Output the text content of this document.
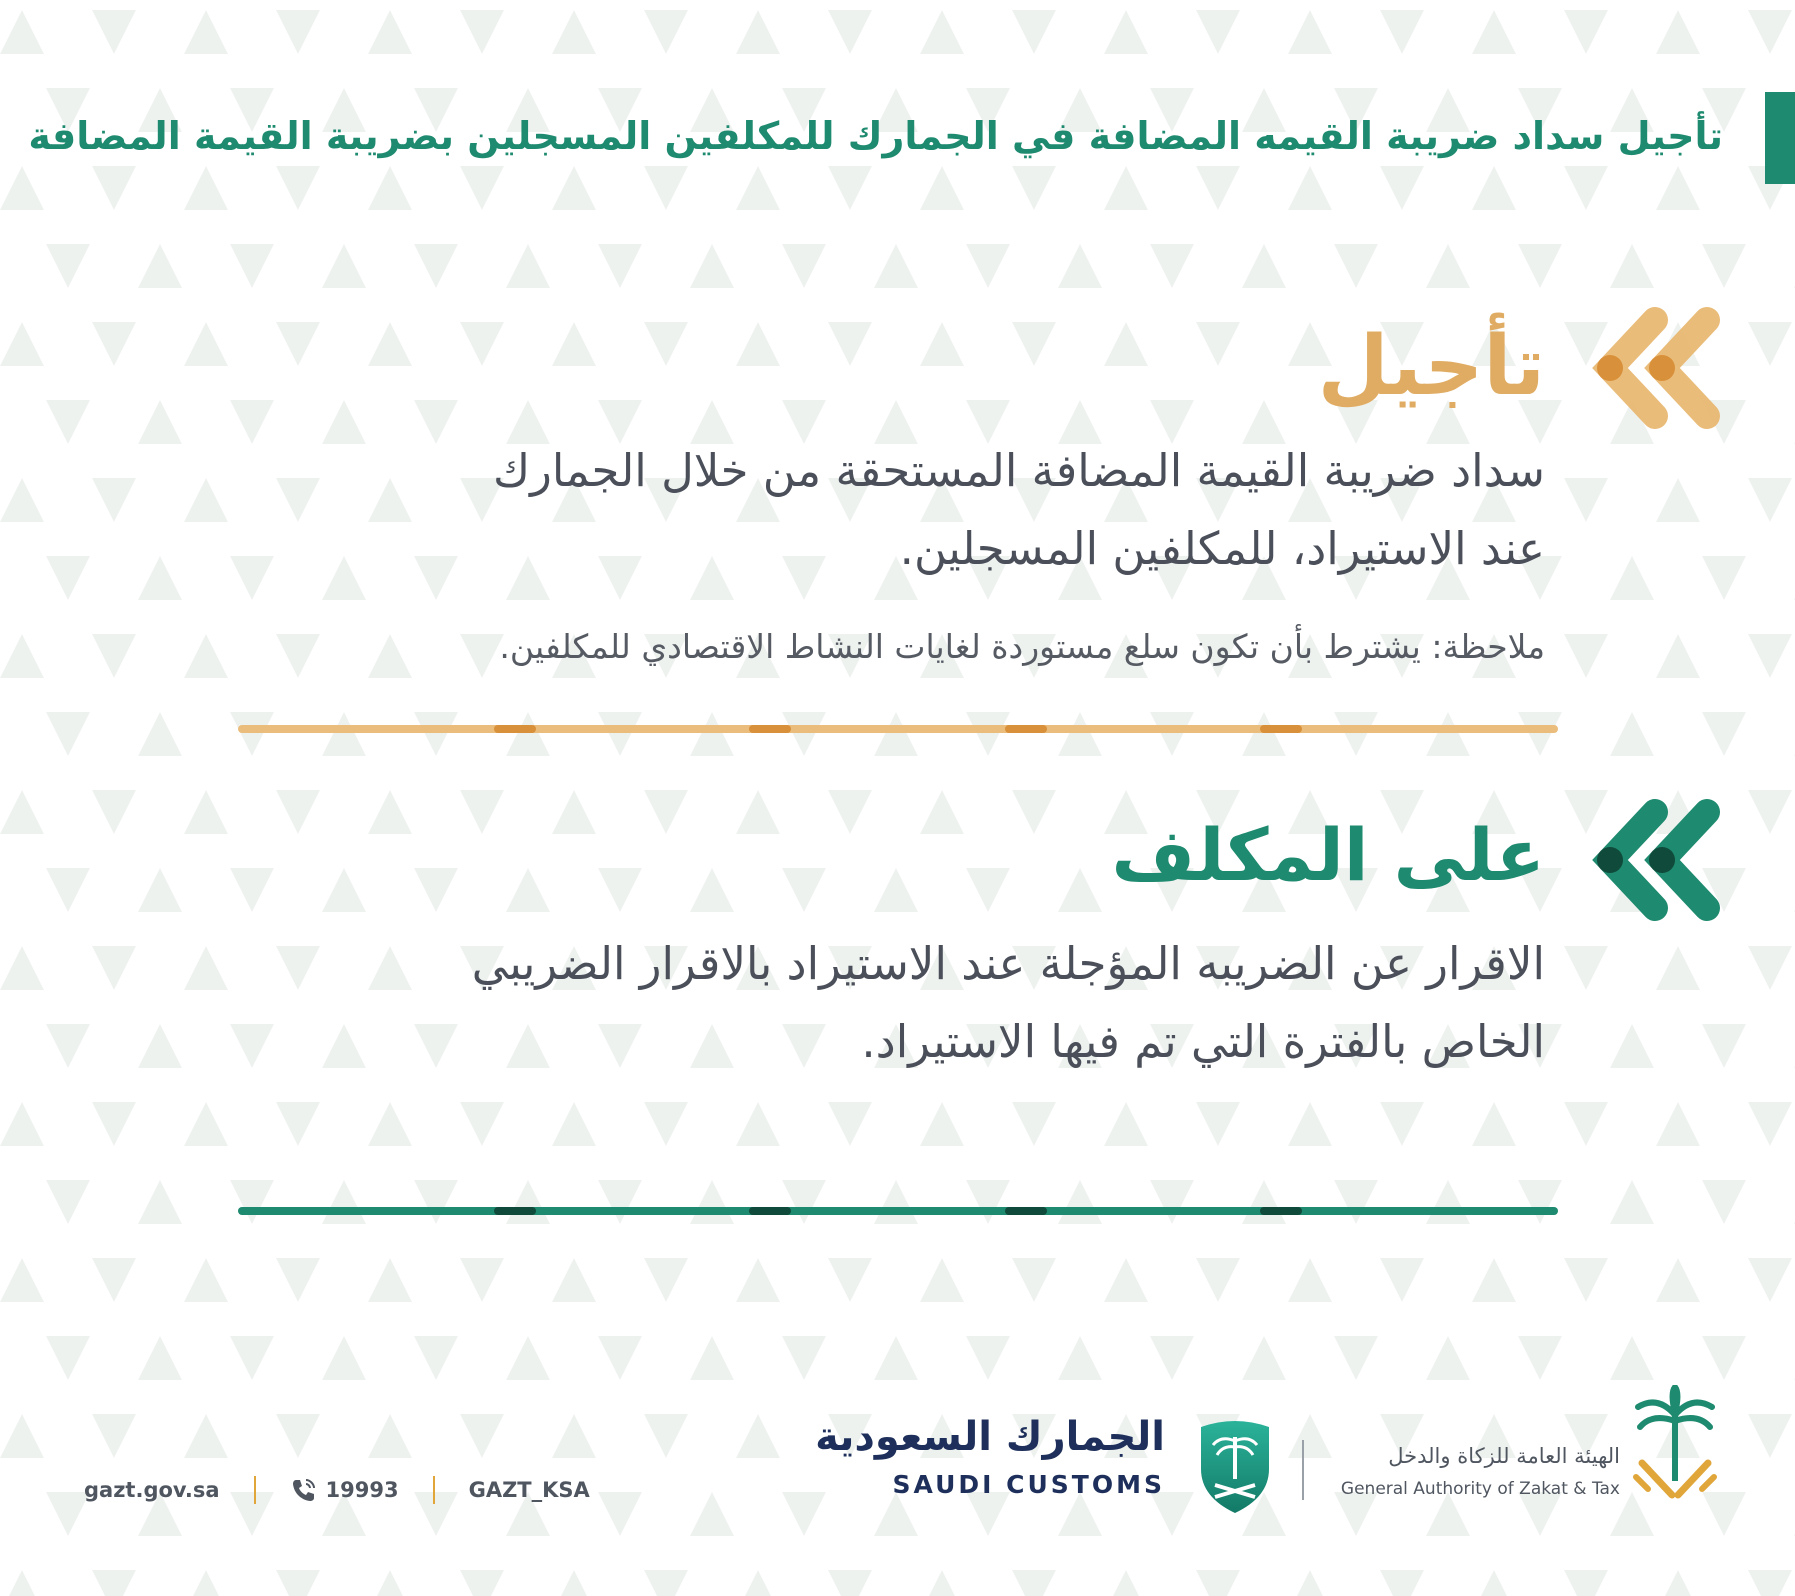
تأجيل سداد ضريبة القيمه المضافة في الجمارك للمكلفين المسجلين بضريبة القيمة المضافة
تأجيل
سداد ضريبة القيمة المضافة المستحقة من خلال الجمارك
عند الاستيراد، للمكلفين المسجلين.
ملاحظة: يشترط بأن تكون سلع مستوردة لغايات النشاط الاقتصادي للمكلفين.
على المكلف
الاقرار عن الضريبه المؤجلة عند الاستيراد بالاقرار الضريبي
الخاص بالفترة التي تم فيها الاستيراد.
gazt.gov.sa	19993	GAZT_KSA
الجمارك السعودية
SAUDI CUSTOMS
الهيئة العامة للزكاة والدخل
General Authority of Zakat & Tax
